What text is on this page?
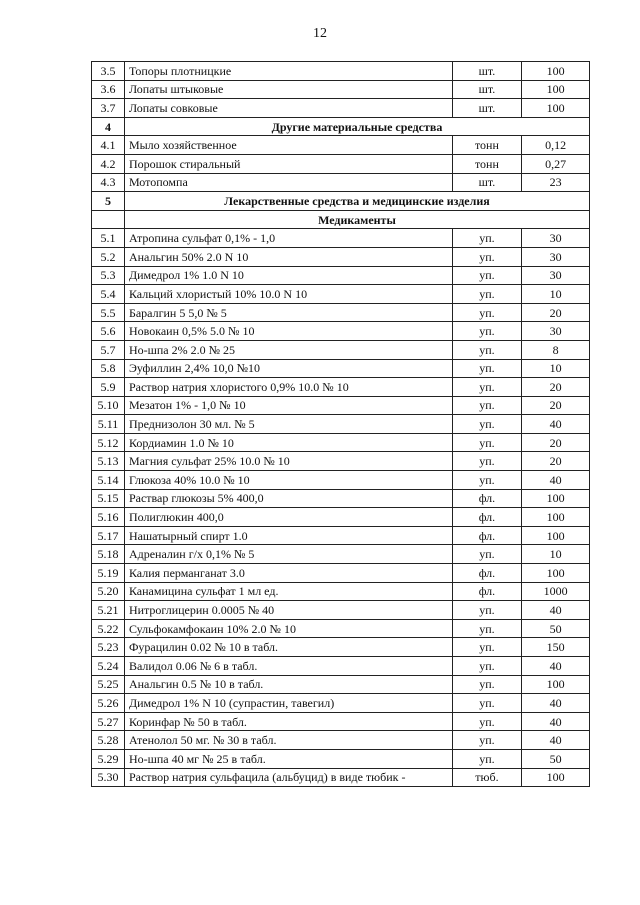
12
3.5	Топоры плотницкие	шт.	100
3.6	Лопаты штыковые	шт.	100
3.7	Лопаты совковые	шт.	100
4	Другие материальные средства		
4.1	Мыло хозяйственное	тонн	0,12
4.2	Порошок стиральный	тонн	0,27
4.3	Мотопомпа	шт.	23
5	Лекарственные средства и медицинские изделия		
	Медикаменты		
5.1	Атропина сульфат 0,1% - 1,0	уп.	30
5.2	Анальгин 50% 2.0 N 10	уп.	30
5.3	Димедрол 1% 1.0 N 10	уп.	30
5.4	Кальций хлористый 10% 10.0 N 10	уп.	10
5.5	Баралгин 5 5,0 № 5	уп.	20
5.6	Новокаин 0,5% 5.0 № 10	уп.	30
5.7	Но-шпа 2% 2.0 № 25	уп.	8
5.8	Эуфиллин 2,4% 10,0 №10	уп.	10
5.9	Раствор натрия хлористого 0,9% 10.0 № 10	уп.	20
5.10	Мезатон 1% - 1,0 № 10	уп.	20
5.11	Преднизолон 30 мл. № 5	уп.	40
5.12	Кордиамин 1.0 № 10	уп.	20
5.13	Магния сульфат 25% 10.0 № 10	уп.	20
5.14	Глюкоза 40% 10.0 № 10	уп.	40
5.15	Раствар глюкозы 5% 400,0	фл.	100
5.16	Полиглюкин 400,0	фл.	100
5.17	Нашатырный спирт 1.0	фл.	100
5.18	Адреналин г/х 0,1% № 5	уп.	10
5.19	Калия перманганат 3.0	фл.	100
5.20	Канамицина сульфат 1 мл ед.	фл.	1000
5.21	Нитроглицерин 0.0005 № 40	уп.	40
5.22	Сульфокамфокаин 10% 2.0 № 10	уп.	50
5.23	Фурацилин 0.02 № 10 в табл.	уп.	150
5.24	Валидол 0.06 № 6 в табл.	уп.	40
5.25	Анальгин 0.5 № 10 в табл.	уп.	100
5.26	Димедрол 1% N 10 (супрастин, тавегил)	уп.	40
5.27	Коринфар № 50 в табл.	уп.	40
5.28	Атенолол 50 мг. № 30 в табл.	уп.	40
5.29	Но-шпа 40 мг № 25 в табл.	уп.	50
5.30	Раствор натрия сульфацила (альбуцид) в виде тюбик -	тюб.	100
